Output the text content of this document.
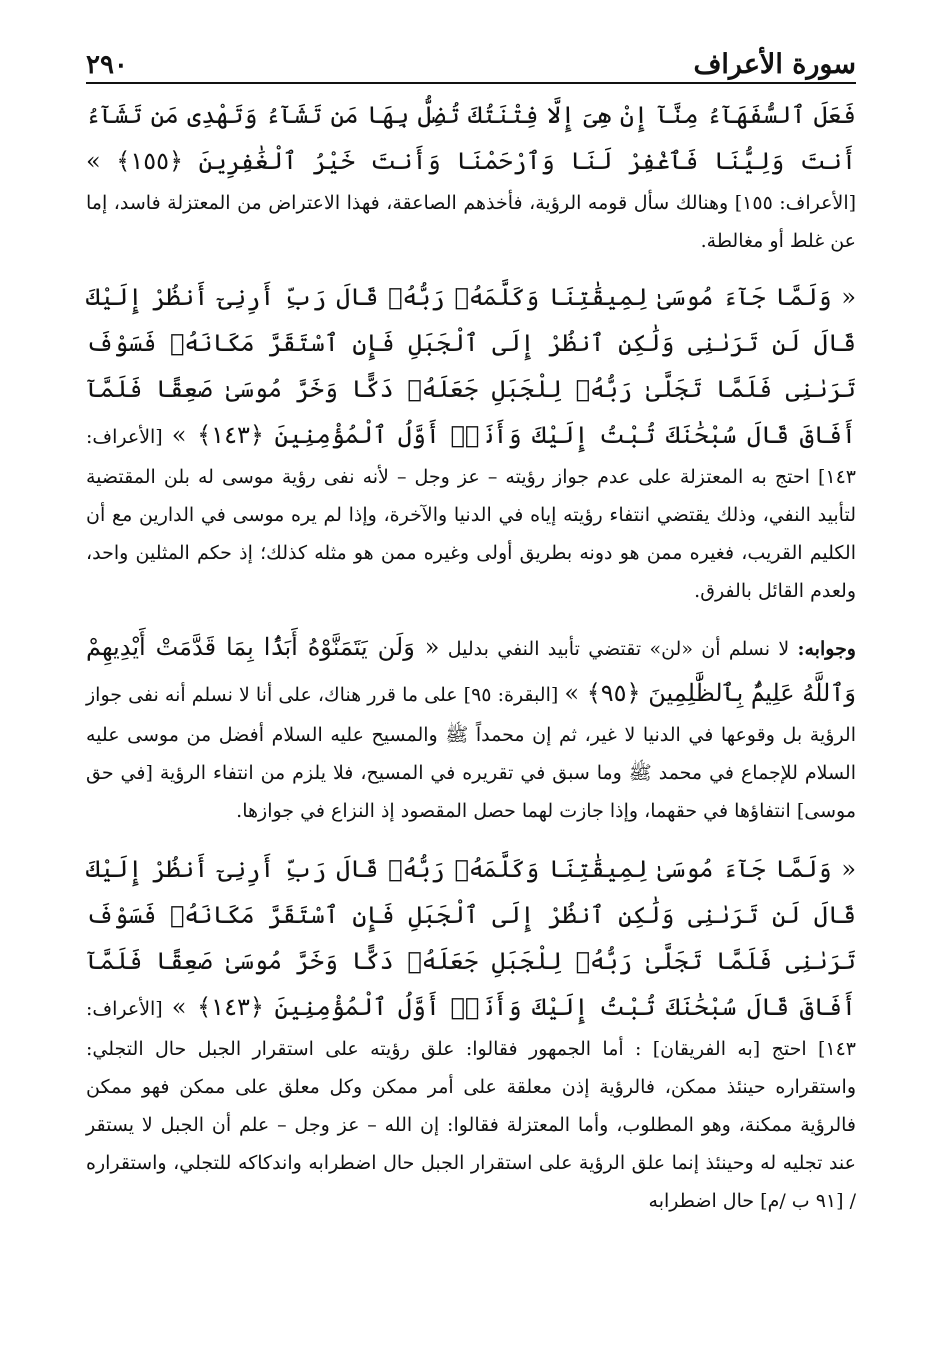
سورة الأعراف
٢٩٠

فَعَلَ ٱلسُّفَهَآءُ مِنَّآ إِنْ هِىَ إِلَّا فِتْنَتُكَ تُضِلُّ بِهَا مَن تَشَآءُ وَتَهْدِى مَن تَشَآءُ أَنتَ وَلِيُّنَا فَٱغْفِرْ لَنَا وَٱرْحَمْنَا وَأَنتَ خَيْرُ ٱلْغَٰفِرِينَ ﴿١٥٥﴾ » [الأعراف: ١٥٥] وهنالك سأل قومه الرؤية، فأخذهم الصاعقة، فهذا الاعتراض من المعتزلة فاسد، إما عن غلط أو مغالطة.

« وَلَمَّا جَآءَ مُوسَىٰ لِمِيقَٰتِنَا وَكَلَّمَهُۥ رَبُّهُۥ قَالَ رَبِّ أَرِنِىٓ أَنظُرْ إِلَيْكَ قَالَ لَن تَرَىٰنِى وَلَٰكِنِ ٱنظُرْ إِلَى ٱلْجَبَلِ فَإِنِ ٱسْتَقَرَّ مَكَانَهُۥ فَسَوْفَ تَرَىٰنِى فَلَمَّا تَجَلَّىٰ رَبُّهُۥ لِلْجَبَلِ جَعَلَهُۥ دَكًّا وَخَرَّ مُوسَىٰ صَعِقًا فَلَمَّآ أَفَاقَ قَالَ سُبْحَٰنَكَ تُبْتُ إِلَيْكَ وَأَنَا۠ أَوَّلُ ٱلْمُؤْمِنِينَ ﴿١٤٣﴾ » [الأعراف: ١٤٣] احتج به المعتزلة على عدم جواز رؤيته – عز وجل – لأنه نفى رؤية موسى له بلن المقتضية لتأبيد النفي، وذلك يقتضي انتفاء رؤيته إياه في الدنيا والآخرة، وإذا لم يره موسى في الدارين مع أن الكليم القريب، فغيره ممن هو دونه بطريق أولى وغيره ممن هو مثله كذلك؛ إذ حكم المثلين واحد، ولعدم القائل بالفرق.

وجوابه: لا نسلم أن «لن» تقتضي تأبيد النفي بدليل « وَلَن يَتَمَنَّوْهُ أَبَدًۢا بِمَا قَدَّمَتْ أَيْدِيهِمْ وَٱللَّهُ عَلِيمٌۢ بِٱلظَّٰلِمِينَ ﴿٩٥﴾ » [البقرة: ٩٥] على ما قرر هناك، على أنا لا نسلم أنه نفى جواز الرؤية بل وقوعها في الدنيا لا غير، ثم إن محمداً ﷺ والمسيح عليه السلام أفضل من موسى عليه السلام للإجماع في محمد ﷺ وما سبق في تقريره في المسيح، فلا يلزم من انتفاء الرؤية [في حق موسى] انتفاؤها في حقهما، وإذا جازت لهما حصل المقصود إذ النزاع في جوازها.

« وَلَمَّا جَآءَ مُوسَىٰ لِمِيقَٰتِنَا وَكَلَّمَهُۥ رَبُّهُۥ قَالَ رَبِّ أَرِنِىٓ أَنظُرْ إِلَيْكَ قَالَ لَن تَرَىٰنِى وَلَٰكِنِ ٱنظُرْ إِلَى ٱلْجَبَلِ فَإِنِ ٱسْتَقَرَّ مَكَانَهُۥ فَسَوْفَ تَرَىٰنِى فَلَمَّا تَجَلَّىٰ رَبُّهُۥ لِلْجَبَلِ جَعَلَهُۥ دَكًّا وَخَرَّ مُوسَىٰ صَعِقًا فَلَمَّآ أَفَاقَ قَالَ سُبْحَٰنَكَ تُبْتُ إِلَيْكَ وَأَنَا۠ أَوَّلُ ٱلْمُؤْمِنِينَ ﴿١٤٣﴾ » [الأعراف: ١٤٣] احتج [به الفريقان] : أما الجمهور فقالوا: علق رؤيته على استقرار الجبل حال التجلي: واستقراره حينئذ ممكن، فالرؤية إذن معلقة على أمر ممكن وكل معلق على ممكن فهو ممكن فالرؤية ممكنة، وهو المطلوب، وأما المعتزلة فقالوا: إن الله – عز وجل – علم أن الجبل لا يستقر عند تجليه له وحينئذ إنما علق الرؤية على استقرار الجبل حال اضطرابه واندكاكه للتجلي، واستقراره / [٩١ ب /م] حال اضطرابه
